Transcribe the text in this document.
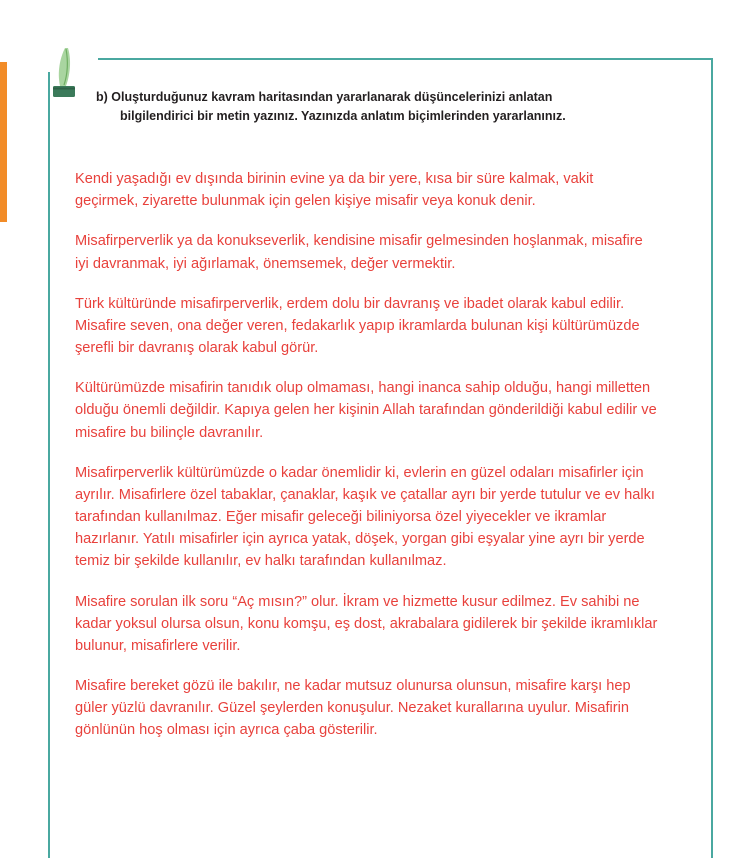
b) Oluşturduğunuz kavram haritasından yararlanarak düşüncelerinizi anlatan
bilgilendirici bir metin yazınız. Yazınızda anlatım biçimlerinden yararlanınız.

Kendi yaşadığı ev dışında birinin evine ya da bir yere, kısa bir süre kalmak, vakit geçirmek, ziyarette bulunmak için gelen kişiye misafir veya konuk denir.

Misafirperverlik ya da konukseverlik, kendisine misafir gelmesinden hoşlanmak, misafire iyi davranmak, iyi ağırlamak, önemsemek, değer vermektir.

Türk kültüründe misafirperverlik, erdem dolu bir davranış ve ibadet olarak kabul edilir. Misafire seven, ona değer veren, fedakarlık yapıp ikramlarda bulunan kişi kültürümüzde şerefli bir davranış olarak kabul görür.

Kültürümüzde misafirin tanıdık olup olmaması, hangi inanca sahip olduğu, hangi milletten olduğu önemli değildir. Kapıya gelen her kişinin Allah tarafından gönderildiği kabul edilir ve misafire bu bilinçle davranılır.

Misafirperverlik kültürümüzde o kadar önemlidir ki, evlerin en güzel odaları misafirler için ayrılır. Misafirlere özel tabaklar, çanaklar, kaşık ve çatallar ayrı bir yerde tutulur ve ev halkı tarafından kullanılmaz. Eğer misafir geleceği biliniyorsa özel yiyecekler ve ikramlar hazırlanır. Yatılı misafirler için ayrıca yatak, döşek, yorgan gibi eşyalar yine ayrı bir yerde temiz bir şekilde kullanılır, ev halkı tarafından kullanılmaz.

Misafire sorulan ilk soru “Aç mısın?” olur. İkram ve hizmette kusur edilmez. Ev sahibi ne kadar yoksul olursa olsun, konu komşu, eş dost, akrabalara gidilerek bir şekilde ikramlıklar bulunur, misafirlere verilir.

Misafire bereket gözü ile bakılır, ne kadar mutsuz olunursa olunsun, misafire karşı hep güler yüzlü davranılır. Güzel şeylerden konuşulur. Nezaket kurallarına uyulur. Misafirin gönlünün hoş olması için ayrıca çaba gösterilir.
